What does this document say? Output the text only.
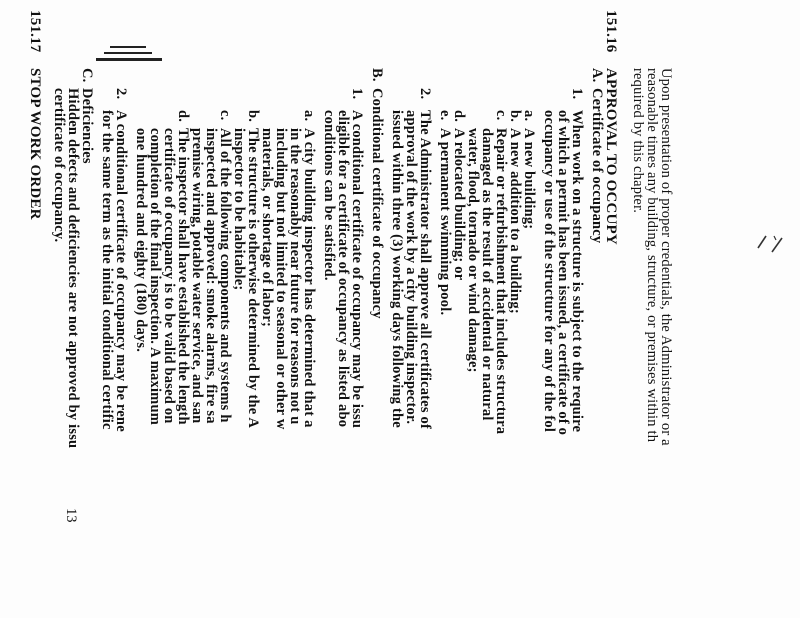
Upon presentation of proper credentials, the Administrator or a
reasonable times any building, structure, or premises within th
required by this chapter.
151.16
APPROVAL TO OCCUPY
A.
Certificate of occupancy
1.
When work on a structure is subject to the require
of which a permit has been issued, a certificate of o
occupancy or use of the structure for any of the fol
a.
A new building;
b.
A new addition to a building;
c.
Repair or refurbishment that includes structura
damaged as the result of accidental or natural
water, flood, tornado or wind damage;
d.
A relocated building; or
e.
A permanent swimming pool.
2.
The Administrator shall approve all certificates of
approval of the work by a city building inspector.
issued within three (3) working days following the
B.
Conditional certificate of occupancy
1.
A conditional certificate of occupancy may be issu
eligible for a certificate of occupancy as listed abo
conditions can be satisfied.
a.
A city building inspector has determined that a
in the reasonably near future for reasons not u
including but not limited to seasonal or other w
materials, or shortage of labor;
b.
The structure is otherwise determined by the A
inspector to be habitable;
c.
All of the following components and systems h
inspected and approved: smoke alarms, fire sa
premise wiring, potable water service, and san
d.
The inspector shall have established the length
certificate of occupancy is to be valid based on
completion of the final inspection. A maximum
one hundred and eighty (180) days.
2.
A conditional certificate of occupancy may be rene
for the same term as the initial conditional certific
C.
Deficiencies
Hidden defects and deficiencies are not approved by issu
certificate of occupancy.
151.17
STOP WORK ORDER
13
